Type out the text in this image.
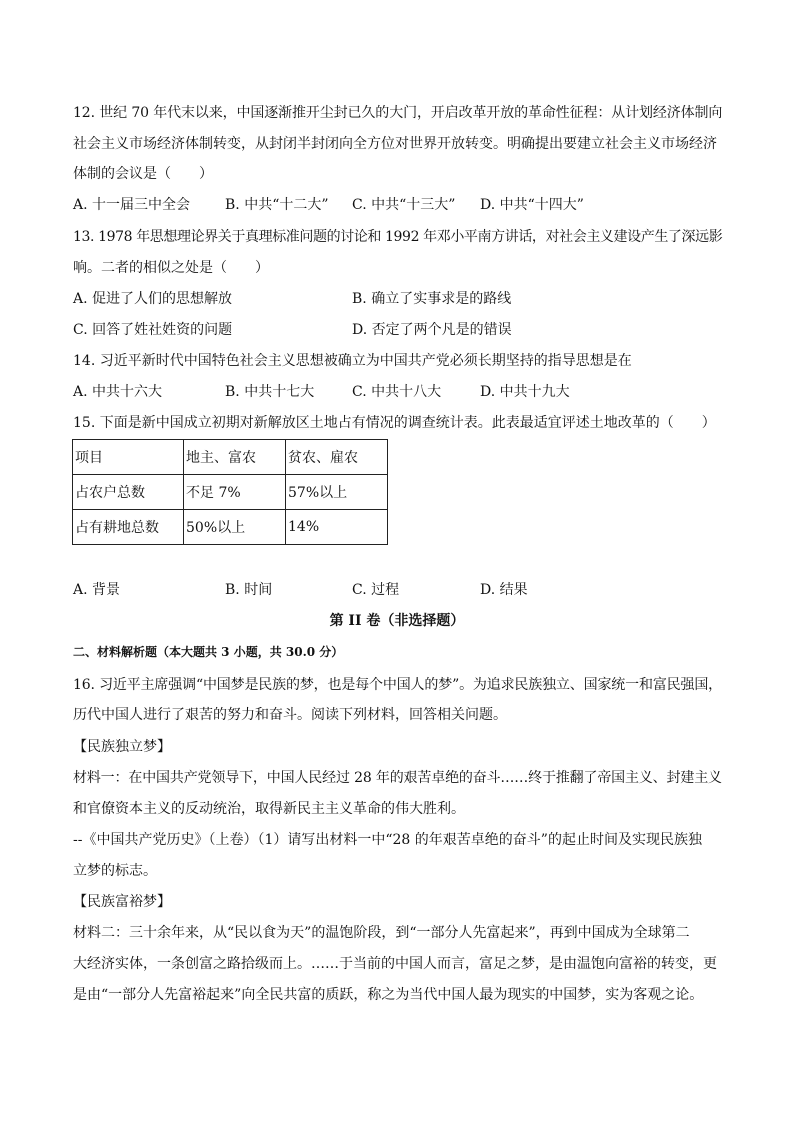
12. 世纪 70 年代末以来，中国逐渐推开尘封已久的大门，开启改革开放的革命性征程：从计划经济体制向
社会主义市场经济体制转变，从封闭半封闭向全方位对世界开放转变。明确提出要建立社会主义市场经济
体制的会议是（　　）
A. 十一届三中全会 B. 中共“十二大” C. 中共“十三大” D. 中共“十四大”
13. 1978 年思想理论界关于真理标准问题的讨论和 1992 年邓小平南方讲话，对社会主义建设产生了深远影
响。二者的相似之处是（　　）
A. 促进了人们的思想解放	B. 确立了实事求是的路线
C. 回答了姓社姓资的问题	D. 否定了两个凡是的错误
14. 习近平新时代中国特色社会主义思想被确立为中国共产党必须长期坚持的指导思想是在
A. 中共十六大	B. 中共十七大	C. 中共十八大	D. 中共十九大
15. 下面是新中国成立初期对新解放区土地占有情况的调查统计表。此表最适宜评述土地改革的（　　）
项目	地主、富农	贫农、雇农
占农户总数	不足 7%	57%以上
占有耕地总数	50%以上	14%
A. 背景	B. 时间	C. 过程	D. 结果
第 II 卷（非选择题）
二、材料解析题（本大题共 3 小题，共 30.0 分）
16. 习近平主席强调“中国梦是民族的梦，也是每个中国人的梦”。为追求民族独立、国家统一和富民强国，
历代中国人进行了艰苦的努力和奋斗。阅读下列材料，回答相关问题。
【民族独立梦】
材料一：在中国共产党领导下，中国人民经过 28 年的艰苦卓绝的奋斗……终于推翻了帝国主义、封建主义
和官僚资本主义的反动统治，取得新民主主义革命的伟大胜利。
--《中国共产党历史》（上卷）（1）请写出材料一中“28 的年艰苦卓绝的奋斗”的起止时间及实现民族独
立梦的标志。
【民族富裕梦】
材料二：三十余年来，从“民以食为天”的温饱阶段，到“一部分人先富起来”，再到中国成为全球第二
大经济实体，一条创富之路拾级而上。……于当前的中国人而言，富足之梦，是由温饱向富裕的转变，更
是由“一部分人先富裕起来”向全民共富的质跃，称之为当代中国人最为现实的中国梦，实为客观之论。
